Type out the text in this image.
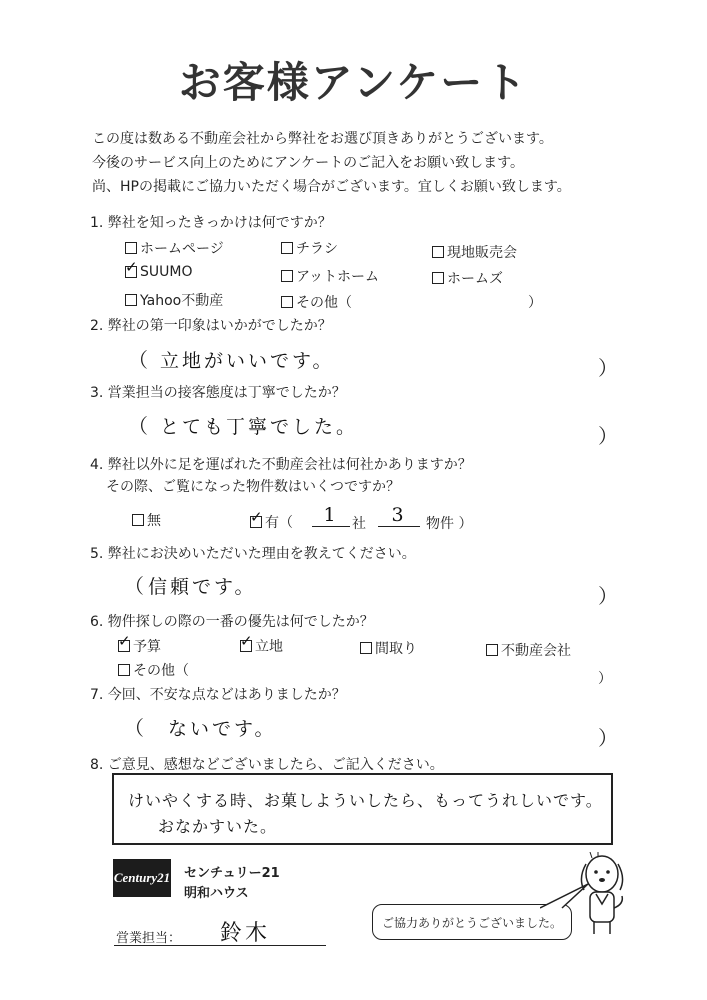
お客様アンケート
この度は数ある不動産会社から弊社をお選び頂きありがとうございます。
今後のサービス向上のためにアンケートのご記入をお願い致します。
尚、HPの掲載にご協力いただく場合がございます。宜しくお願い致します。
1. 弊社を知ったきっかけは何ですか？
ホームページ	チラシ	現地販売会
✓
SUUMO	アットホーム	ホームズ
Yahoo不動産	その他（	）
2. 弊社の第一印象はいかがでしたか？
（ 立地がいいです。	）
3. 営業担当の接客態度は丁寧でしたか？
（ とても丁寧でした。	）
4. 弊社以外に足を運ばれた不動産会社は何社かありますか？
その際、ご覧になった物件数はいくつですか？
無 ✓	有（	1 社	3	物件 ）
5. 弊社にお決めいただいた理由を教えてください。
（ 信頼です。	）
6. 物件探しの際の一番の優先は何でしたか？
✓
予算 ✓	立地	間取り	不動産会社
その他（	）
7. 今回、不安な点などはありましたか？
（ ないです。	）
8. ご意見、感想などございましたら、ご記入ください。
けいやくする時、お菓しよういしたら、もってうれしいです。
おなかすいた。
Century21 センチュリー21
明和ハウス
営業担当： 鈴木	ご協力ありがとうございました。
